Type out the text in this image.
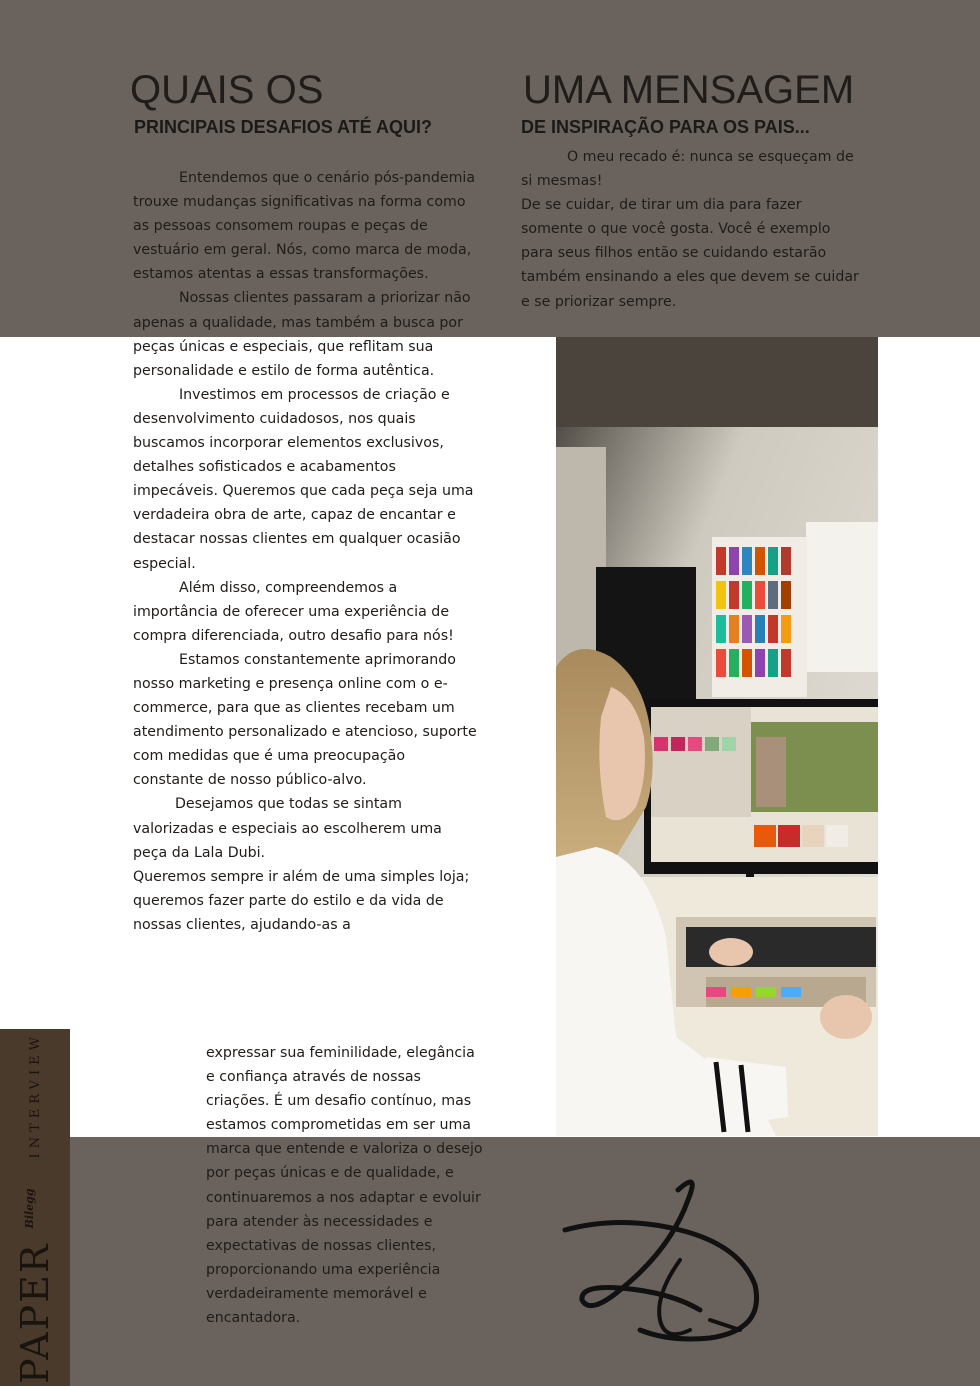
QUAIS OS
PRINCIPAIS DESAFIOS ATÉ AQUI?
UMA MENSAGEM
DE INSPIRAÇÃO PARA OS PAIS...

Entendemos que o cenário pós-pandemia trouxe mudanças significativas na forma como as pessoas consomem roupas e peças de vestuário em geral. Nós, como marca de moda, estamos atentas a essas transformações.

Nossas clientes passaram a priorizar não apenas a qualidade, mas também a busca por peças únicas e especiais, que reflitam sua personalidade e estilo de forma autêntica.

Investimos em processos de criação e desenvolvimento cuidadosos, nos quais buscamos incorporar elementos exclusivos, detalhes sofisticados e acabamentos impecáveis. Queremos que cada peça seja uma verdadeira obra de arte, capaz de encantar e destacar nossas clientes em qualquer ocasião especial.

Além disso, compreendemos a importância de oferecer uma experiência de compra diferenciada, outro desafio para nós!

Estamos constantemente aprimorando nosso marketing e presença online com o e-commerce, para que as clientes recebam um atendimento personalizado e atencioso, suporte com medidas que é uma preocupação constante de nosso público-alvo.

Desejamos que todas se sintam valorizadas e especiais ao escolherem uma peça da Lala Dubi.

Queremos sempre ir além de uma simples loja; queremos fazer parte do estilo e da vida de nossas clientes, ajudando-as a

expressar sua feminilidade, elegância e confiança através de nossas criações. É um desafio contínuo, mas estamos comprometidas em ser uma marca que entende e valoriza o desejo por peças únicas e de qualidade, e continuaremos a nos adaptar e evoluir para atender às necessidades e expectativas de nossas clientes, proporcionando uma experiência verdadeiramente memorável e encantadora.

O meu recado é: nunca se esqueçam de si mesmas!

De se cuidar, de tirar um dia para fazer somente o que você gosta. Você é exemplo para seus filhos então se cuidando estarão também ensinando a eles que devem se cuidar e se priorizar sempre.

PAPER
Bilegg
INTERVIEW
